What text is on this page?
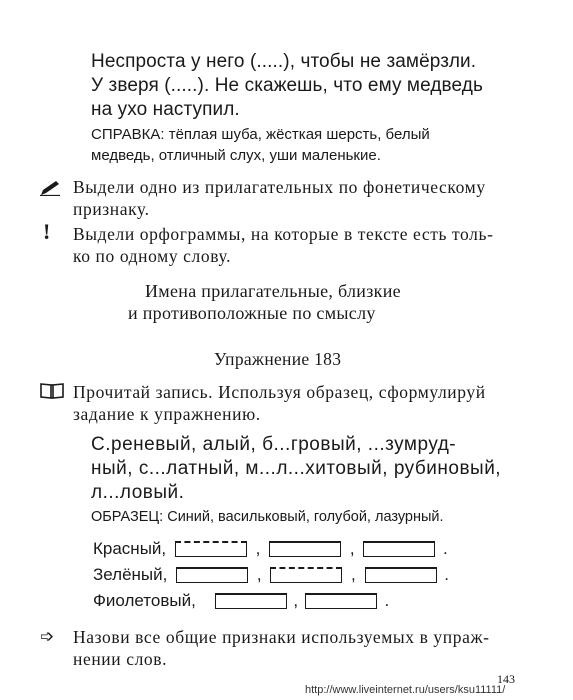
Неспроста у него (.....), чтобы не замёрзли.
У зверя (.....). Не скажешь, что ему медведь
на ухо наступил.
СПРАВКА: тёплая шуба, жёсткая шерсть, белый
медведь, отличный слух, уши маленькие.
Выдели одно из прилагательных по фонетическому
признаку.
! Выдели орфограммы, на которые в тексте есть толь-
ко по одному слову.
Имена прилагательные, близкие
и противоположные по смыслу
Упражнение 183
Прочитай запись. Используя образец, сформулируй
задание к упражнению.
С.реневый, алый, б...гровый, ...зумруд-
ный, с...латный, м...л...хитовый, рубиновый,
л...ловый.
ОБРАЗЕЦ: Синий, васильковый, голубой, лазурный.
Красный,	,	,	.
Зелёный,	,	,	.
Фиолетовый,	,	.
➩ Назови все общие признаки используемых в упраж-
нении слов.
143
http://www.liveinternet.ru/users/ksu11111/
